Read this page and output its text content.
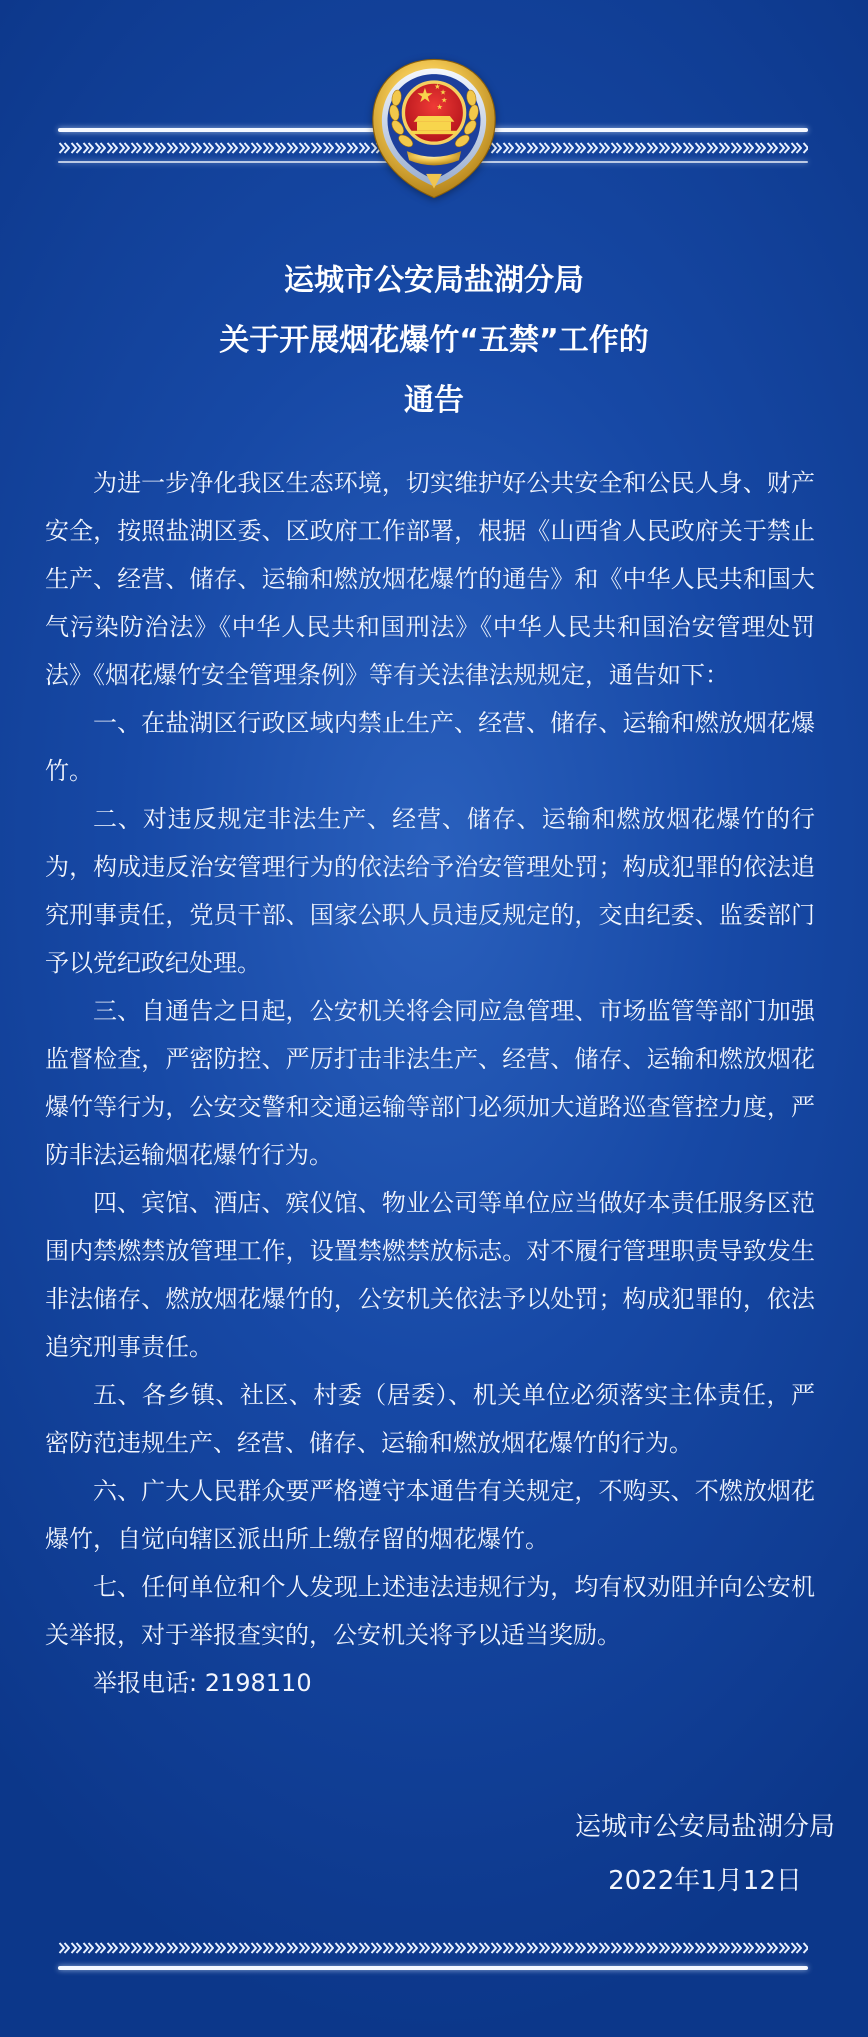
运城市公安局盐湖分局
关于开展烟花爆竹“五禁”工作的
通告
为进一步净化我区生态环境，切实维护好公共安全和公民人身、财产
安全，按照盐湖区委、区政府工作部署，根据《山西省人民政府关于禁止
生产、经营、储存、运输和燃放烟花爆竹的通告》和《中华人民共和国大
气污染防治法》《中华人民共和国刑法》《中华人民共和国治安管理处罚
法》《烟花爆竹安全管理条例》等有关法律法规规定，通告如下：
一、在盐湖区行政区域内禁止生产、经营、储存、运输和燃放烟花爆
竹。
二、对违反规定非法生产、经营、储存、运输和燃放烟花爆竹的行
为，构成违反治安管理行为的依法给予治安管理处罚；构成犯罪的依法追
究刑事责任，党员干部、国家公职人员违反规定的，交由纪委、监委部门
予以党纪政纪处理。
三、自通告之日起，公安机关将会同应急管理、市场监管等部门加强
监督检查，严密防控、严厉打击非法生产、经营、储存、运输和燃放烟花
爆竹等行为，公安交警和交通运输等部门必须加大道路巡查管控力度，严
防非法运输烟花爆竹行为。
四、宾馆、酒店、殡仪馆、物业公司等单位应当做好本责任服务区范
围内禁燃禁放管理工作，设置禁燃禁放标志。对不履行管理职责导致发生
非法储存、燃放烟花爆竹的，公安机关依法予以处罚；构成犯罪的，依法
追究刑事责任。
五、各乡镇、社区、村委（居委）、机关单位必须落实主体责任，严
密防范违规生产、经营、储存、运输和燃放烟花爆竹的行为。
六、广大人民群众要严格遵守本通告有关规定，不购买、不燃放烟花
爆竹，自觉向辖区派出所上缴存留的烟花爆竹。
七、任何单位和个人发现上述违法违规行为，均有权劝阻并向公安机
关举报，对于举报查实的，公安机关将予以适当奖励。
举报电话: 2198110
运城市公安局盐湖分局
2022年1月12日
